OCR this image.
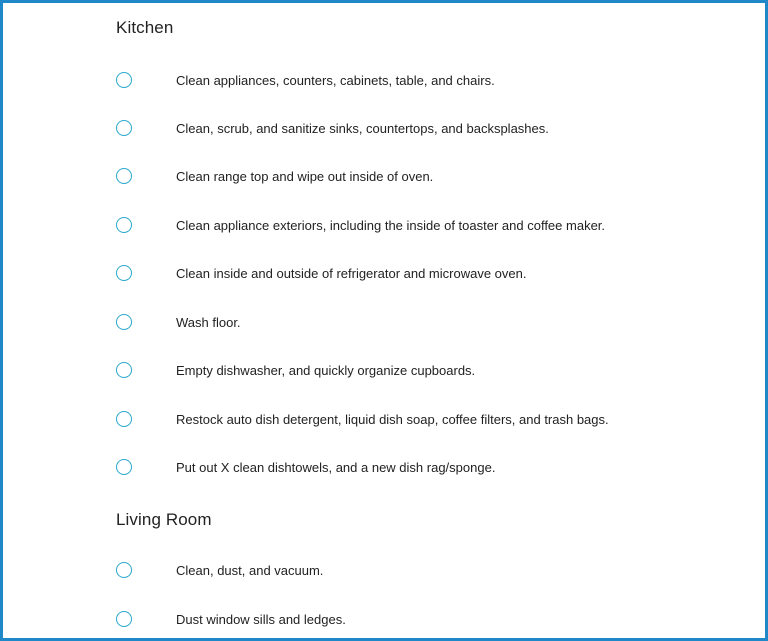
Kitchen
Clean appliances, counters, cabinets, table, and chairs.
Clean, scrub, and sanitize sinks, countertops, and backsplashes.
Clean range top and wipe out inside of oven.
Clean appliance exteriors, including the inside of toaster and coffee maker.
Clean inside and outside of refrigerator and microwave oven.
Wash floor.
Empty dishwasher, and quickly organize cupboards.
Restock auto dish detergent, liquid dish soap, coffee filters, and trash bags.
Put out X clean dishtowels, and a new dish rag/sponge.
Living Room
Clean, dust, and vacuum.
Dust window sills and ledges.
